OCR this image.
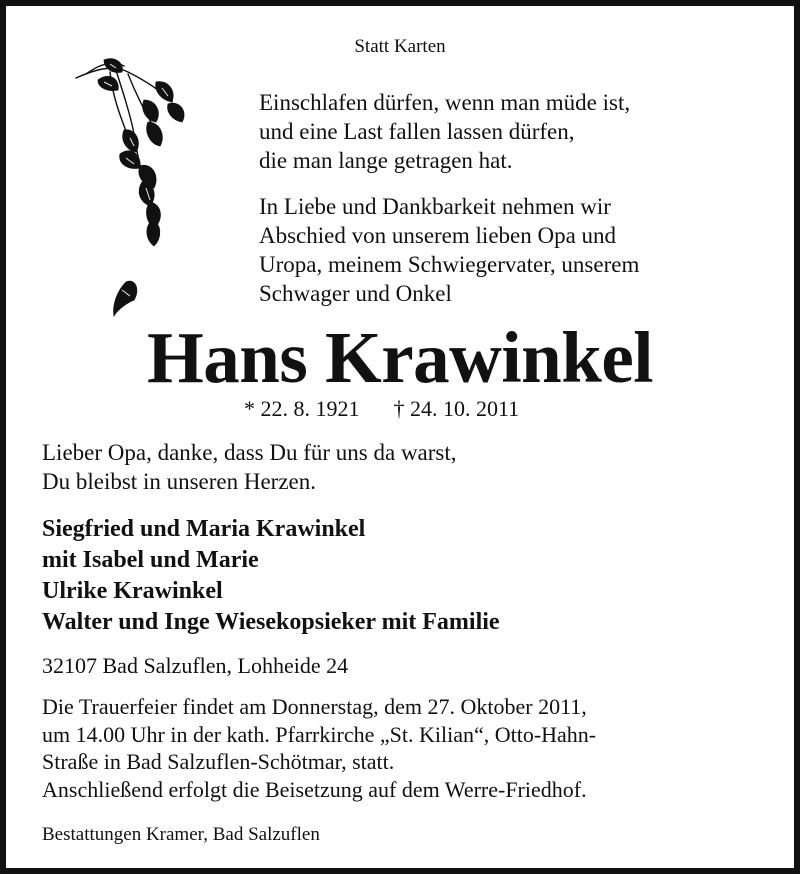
Statt Karten

Einschlafen dürfen, wenn man müde ist,
und eine Last fallen lassen dürfen,
die man lange getragen hat.
In Liebe und Dankbarkeit nehmen wir
Abschied von unserem lieben Opa und
Uropa, meinem Schwiegervater, unserem
Schwager und Onkel
Hans Krawinkel

* 22. 8. 1921 † 24. 10. 2011

Lieber Opa, danke, dass Du für uns da warst,
Du bleibst in unseren Herzen.
Siegfried und Maria Krawinkel
mit Isabel und Marie
Ulrike Krawinkel
Walter und Inge Wiesekopsieker mit Familie

32107 Bad Salzuflen, Lohheide 24

Die Trauerfeier findet am Donnerstag, dem 27. Oktober 2011,
um 14.00 Uhr in der kath. Pfarrkirche „St. Kilian“, Otto-Hahn-
Straße in Bad Salzuflen-Schötmar, statt.
Anschließend erfolgt die Beisetzung auf dem Werre-Friedhof.

Bestattungen Kramer, Bad Salzuflen
